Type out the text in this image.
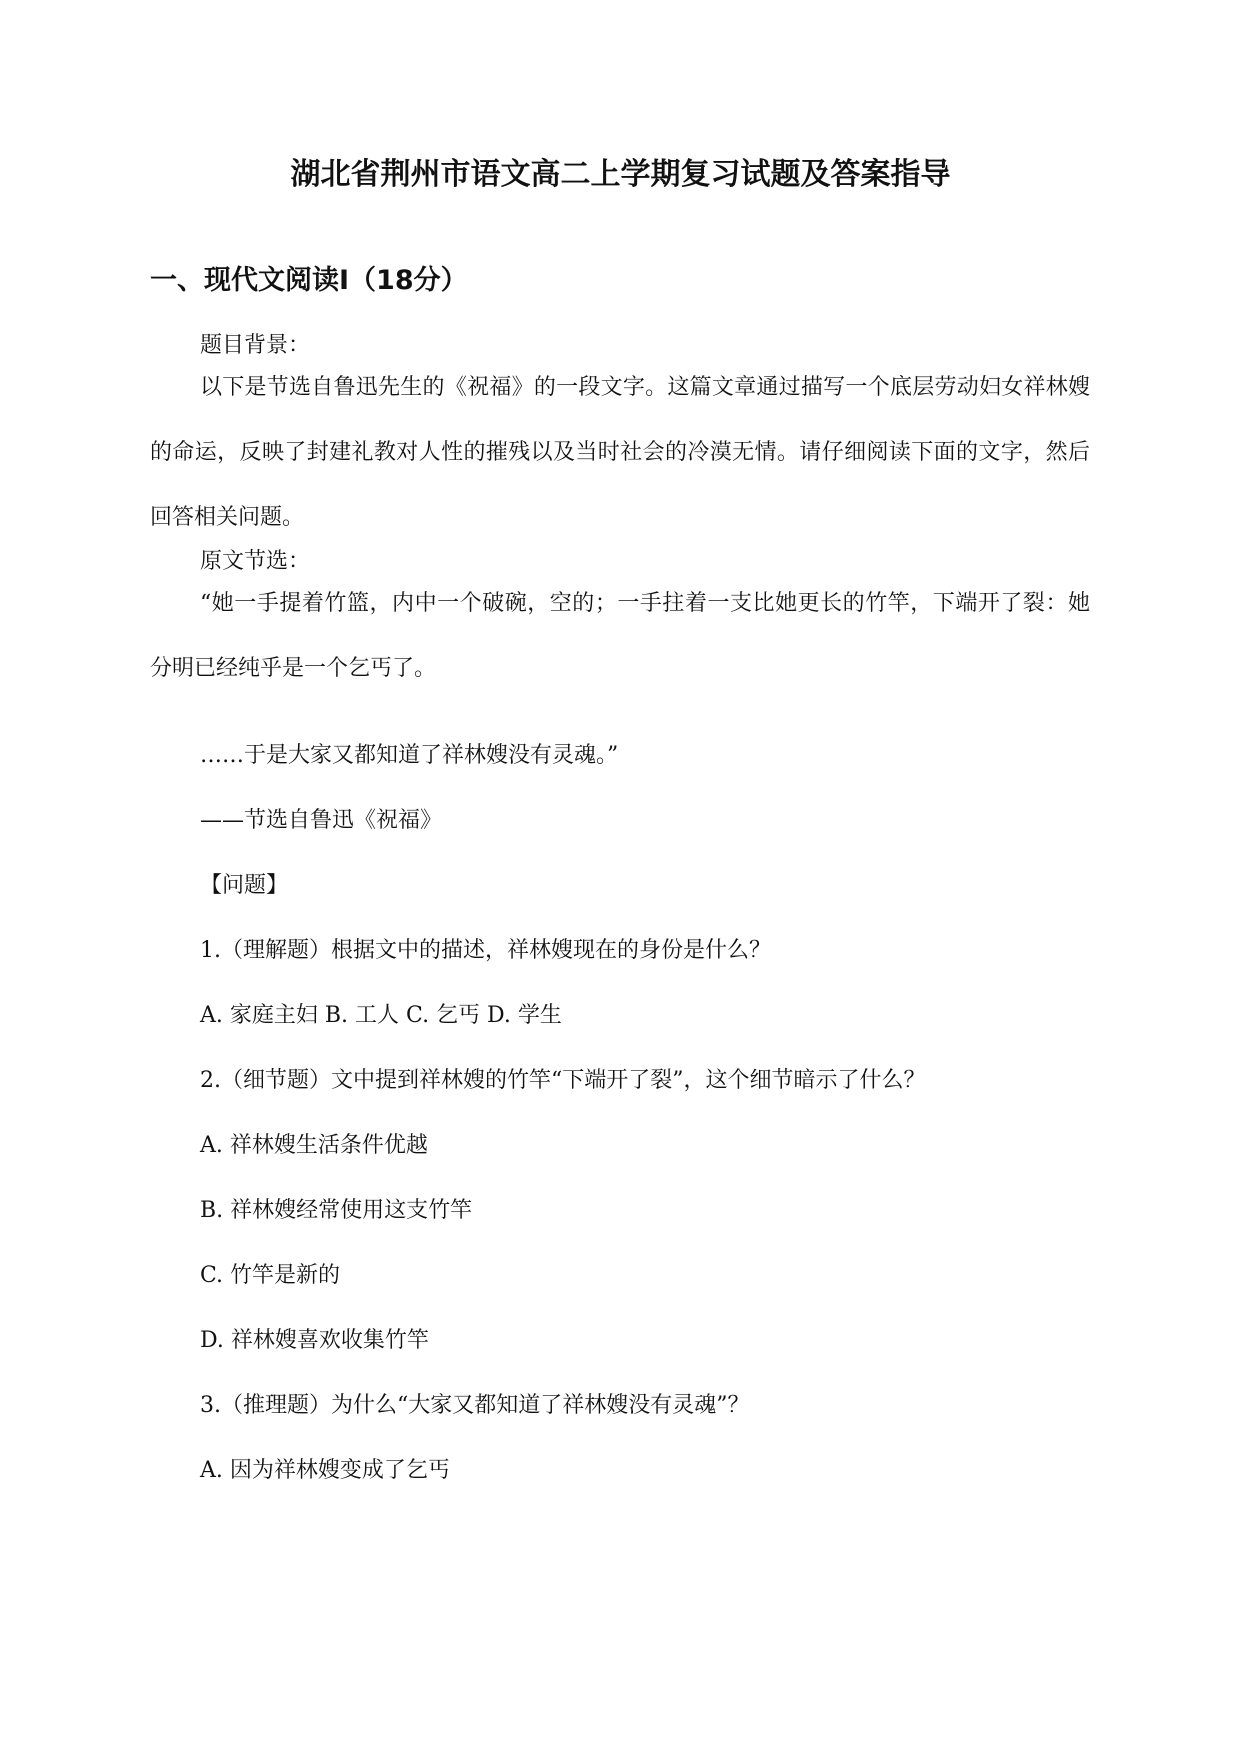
湖北省荆州市语文高二上学期复习试题及答案指导
一、现代文阅读Ⅰ（18分）

题目背景：

以下是节选自鲁迅先生的《祝福》的一段文字。这篇文章通过描写一个底层劳动妇女祥林嫂的命运，反映了封建礼教对人性的摧残以及当时社会的冷漠无情。请仔细阅读下面的文字，然后回答相关问题。

原文节选：

“她一手提着竹篮，内中一个破碗，空的；一手拄着一支比她更长的竹竿，下端开了裂：她分明已经纯乎是一个乞丐了。

……于是大家又都知道了祥林嫂没有灵魂。”

——节选自鲁迅《祝福》

【问题】

1.（理解题）根据文中的描述，祥林嫂现在的身份是什么？

A. 家庭主妇 B. 工人 C. 乞丐 D. 学生

2.（细节题）文中提到祥林嫂的竹竿“下端开了裂”，这个细节暗示了什么？

A. 祥林嫂生活条件优越

B. 祥林嫂经常使用这支竹竿

C. 竹竿是新的

D. 祥林嫂喜欢收集竹竿

3.（推理题）为什么“大家又都知道了祥林嫂没有灵魂”？

A. 因为祥林嫂变成了乞丐
